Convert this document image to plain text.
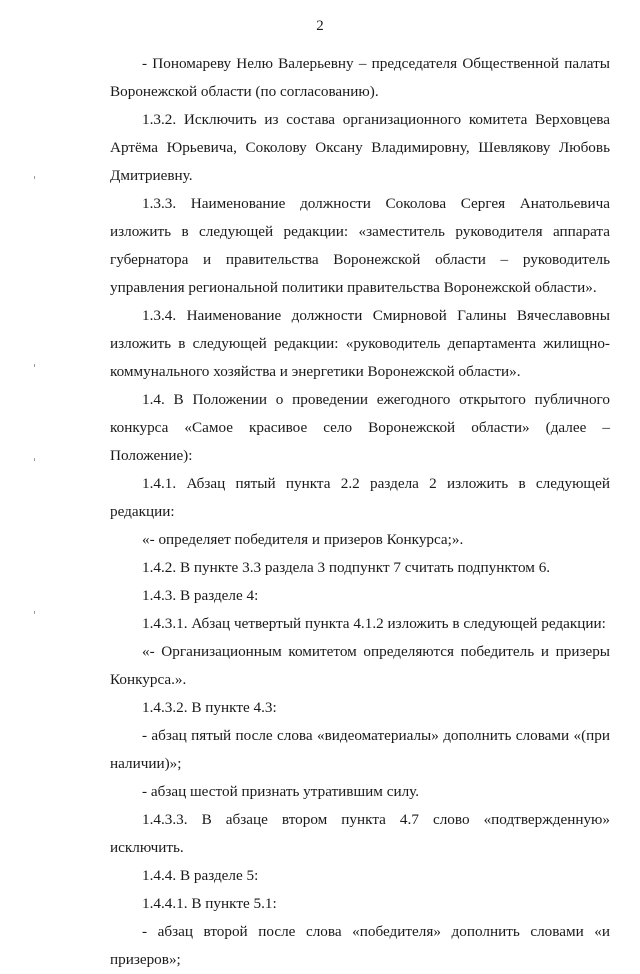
2

- Пономареву Нелю Валерьевну – председателя Общественной палаты Воронежской области (по согласованию).

1.3.2. Исключить из состава организационного комитета Верховцева Артёма Юрьевича, Соколову Оксану Владимировну, Шевлякову Любовь Дмитриевну.

1.3.3. Наименование должности Соколова Сергея Анатольевича изложить в следующей редакции: «заместитель руководителя аппарата губернатора и правительства Воронежской области – руководитель управления региональной политики правительства Воронежской области».

1.3.4. Наименование должности Смирновой Галины Вячеславовны изложить в следующей редакции: «руководитель департамента жилищно-коммунального хозяйства и энергетики Воронежской области».

1.4. В Положении о проведении ежегодного открытого публичного конкурса «Самое красивое село Воронежской области» (далее – Положение):

1.4.1. Абзац пятый пункта 2.2 раздела 2 изложить в следующей редакции:

«- определяет победителя и призеров Конкурса;».

1.4.2. В пункте 3.3 раздела 3 подпункт 7 считать подпунктом 6.

1.4.3. В разделе 4:

1.4.3.1. Абзац четвертый пункта 4.1.2 изложить в следующей редакции:

«- Организационным комитетом определяются победитель и призеры Конкурса.».

1.4.3.2. В пункте 4.3:

- абзац пятый после слова «видеоматериалы» дополнить словами «(при наличии)»;

- абзац шестой признать утратившим силу.

1.4.3.3. В абзаце втором пункта 4.7 слово «подтвержденную» исключить.

1.4.4. В разделе 5:

1.4.4.1. В пункте 5.1:

- абзац второй после слова «победителя» дополнить словами «и призеров»;
